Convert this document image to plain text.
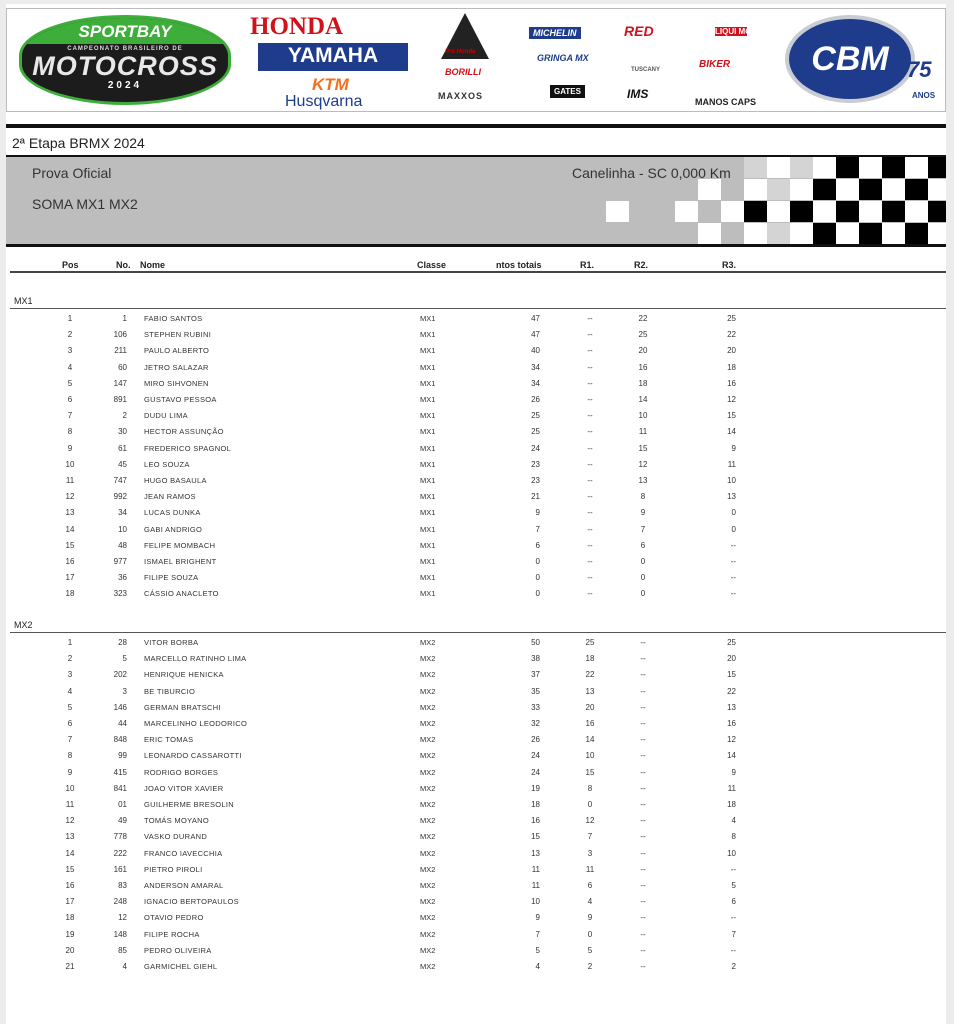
SPORTBAY
CAMPEONATO BRASILEIRO DE
MOTOCROSS
2024
HONDA
YAMAHA
KTM
Husqvarna
Pro Honda
BORILLI
MAXXOS
MICHELIN
GRINGA MX
GATES
RED
TUSCANY
IMS
LIQUI MOLY
BIKER
MANOS CAPS
CBM 75
ANOS
2ª Etapa BRMX 2024
Prova Oficial
SOMA MX1 MX2
Canelinha - SC 0,000 Km
Pos	No. Nome	Classe	ntos totais	R1.	R2.	R3.
MX1
1	1 FABIO SANTOS	MX1	47	--	22	25
2	106 STEPHEN RUBINI	MX1	47	--	25	22
3	211 PAULO ALBERTO	MX1	40	--	20	20
4	60 JETRO SALAZAR	MX1	34	--	16	18
5	147 MIRO SIHVONEN	MX1	34	--	18	16
6	891 GUSTAVO PESSOA	MX1	26	--	14	12
7	2 DUDU LIMA	MX1	25	--	10	15
8	30 HECTOR ASSUNÇÃO	MX1	25	--	11	14
9	61 FREDERICO SPAGNOL	MX1	24	--	15	9
10	45 LEO SOUZA	MX1	23	--	12	11
11	747 HUGO BASAULA	MX1	23	--	13	10
12	992 JEAN RAMOS	MX1	21	--	8	13
13	34 LUCAS DUNKA	MX1	9	--	9	0
14	10 GABI ANDRIGO	MX1	7	--	7	0
15	48 FELIPE MOMBACH	MX1	6	--	6	--
16	977 ISMAEL BRIGHENT	MX1	0	--	0	--
17	36 FILIPE SOUZA	MX1	0	--	0	--
18	323 CÁSSIO ANACLETO	MX1	0	--	0	--
MX2
1	28 VITOR BORBA	MX2	50	25	--	25
2	5 MARCELLO RATINHO LIMA	MX2	38	18	--	20
3	202 HENRIQUE HENICKA	MX2	37	22	--	15
4	3 BE TIBURCIO	MX2	35	13	--	22
5	146 GERMAN BRATSCHI	MX2	33	20	--	13
6	44 MARCELINHO LEODORICO	MX2	32	16	--	16
7	848 ERIC TOMAS	MX2	26	14	--	12
8	99 LEONARDO CASSAROTTI	MX2	24	10	--	14
9	415 RODRIGO BORGES	MX2	24	15	--	9
10	841 JOAO VITOR XAVIER	MX2	19	8	--	11
11	01 GUILHERME BRESOLIN	MX2	18	0	--	18
12	49 TOMÁS MOYANO	MX2	16	12	--	4
13	778 VASKO DURAND	MX2	15	7	--	8
14	222 FRANCO IAVECCHIA	MX2	13	3	--	10
15	161 PIETRO PIROLI	MX2	11	11	--	--
16	83 ANDERSON AMARAL	MX2	11	6	--	5
17	248 IGNACIO BERTOPAULOS	MX2	10	4	--	6
18	12 OTAVIO PEDRO	MX2	9	9	--	--
19	148 FILIPE ROCHA	MX2	7	0	--	7
20	85 PEDRO OLIVEIRA	MX2	5	5	--	--
21	4 GARMICHEL GIEHL	MX2	4	2	--	2
